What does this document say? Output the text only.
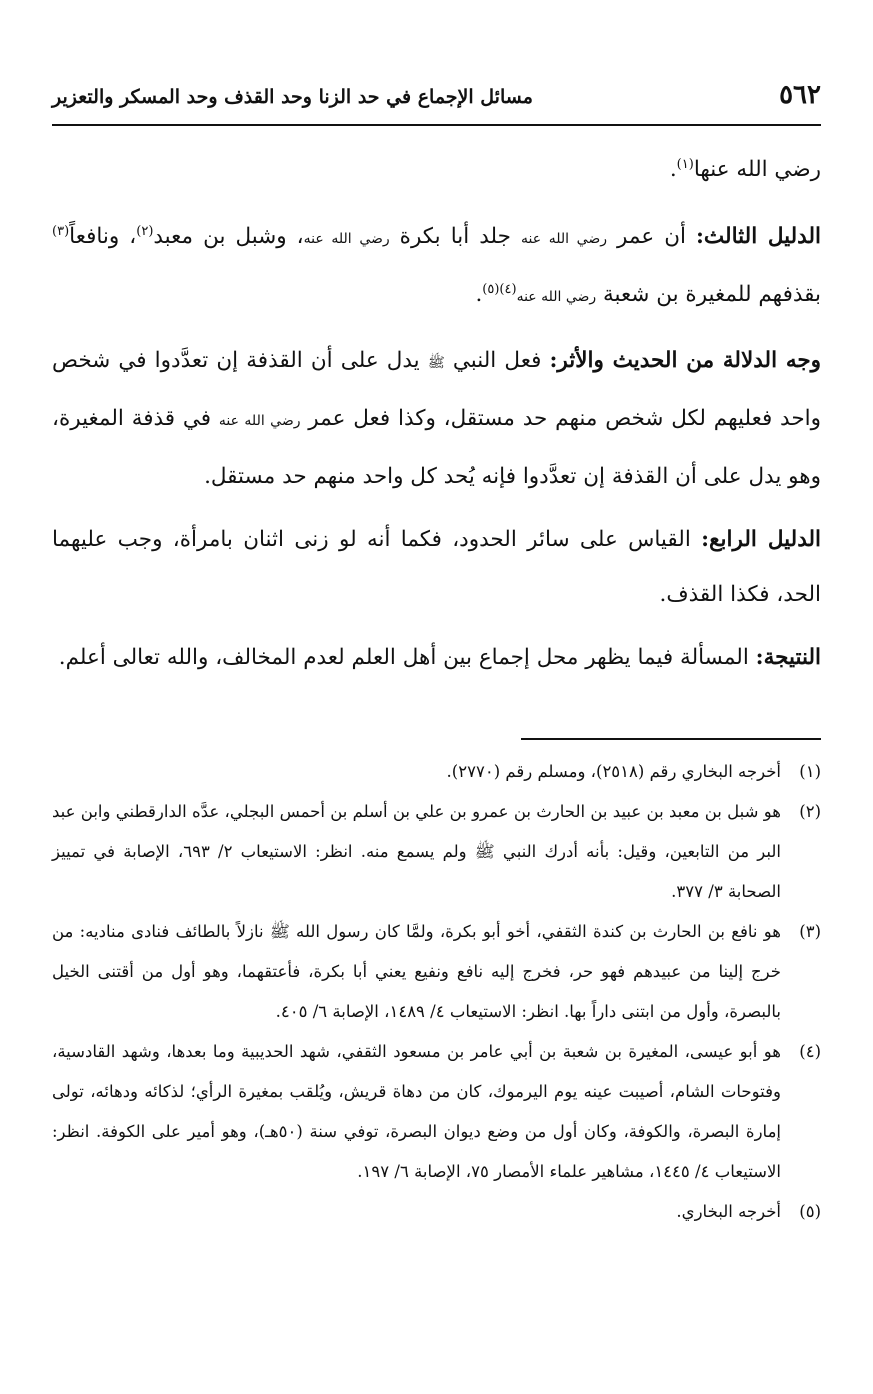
٥٦٢
مسائل الإجماع في حد الزنا وحد القذف وحد المسكر والتعزير

رضي الله عنها$^{(١)}$.

الدليل الثالث: أن عمر رضي الله عنه جلد أبا بكرة رضي الله عنه، وشبل بن معبد$^{(٢)}$، ونافعاً$^{(٣)}$ بقذفهم للمغيرة بن شعبة رضي الله عنه$^{(٤)(٥)}$.

وجه الدلالة من الحديث والأثر: فعل النبي ﷺ يدل على أن القذفة إن تعدَّدوا في شخص واحد فعليهم لكل شخص منهم حد مستقل، وكذا فعل عمر رضي الله عنه في قذفة المغيرة، وهو يدل على أن القذفة إن تعدَّدوا فإنه يُحد كل واحد منهم حد مستقل.

الدليل الرابع: القياس على سائر الحدود، فكما أنه لو زنى اثنان بامرأة، وجب عليهما الحد، فكذا القذف.

النتيجة: المسألة فيما يظهر محل إجماع بين أهل العلم لعدم المخالف، والله تعالى أعلم.

(١)
أخرجه البخاري رقم (٢٥١٨)، ومسلم رقم (٢٧٧٠).
(٢)
هو شبل بن معبد بن عبيد بن الحارث بن عمرو بن علي بن أسلم بن أحمس البجلي، عدَّه الدارقطني وابن عبد البر من التابعين، وقيل: بأنه أدرك النبي ﷺ ولم يسمع منه. انظر: الاستيعاب ٢/ ٦٩٣، الإصابة في تمييز الصحابة ٣/ ٣٧٧.
(٣)
هو نافع بن الحارث بن كندة الثقفي، أخو أبو بكرة، ولمَّا كان رسول الله ﷺ نازلاً بالطائف فنادى مناديه: من خرج إلينا من عبيدهم فهو حر، فخرج إليه نافع ونفيع يعني أبا بكرة، فأعتقهما، وهو أول من أقتنى الخيل بالبصرة، وأول من ابتنى داراً بها. انظر: الاستيعاب ٤/ ١٤٨٩، الإصابة ٦/ ٤٠٥.
(٤)
هو أبو عيسى، المغيرة بن شعبة بن أبي عامر بن مسعود الثقفي، شهد الحديبية وما بعدها، وشهد القادسية، وفتوحات الشام، أصيبت عينه يوم اليرموك، كان من دهاة قريش، ويُلقب بمغيرة الرأي؛ لذكائه ودهائه، تولى إمارة البصرة، والكوفة، وكان أول من وضع ديوان البصرة، توفي سنة (٥٠هـ)، وهو أمير على الكوفة. انظر: الاستيعاب ٤/ ١٤٤٥، مشاهير علماء الأمصار ٧٥، الإصابة ٦/ ١٩٧.
(٥)
أخرجه البخاري.
